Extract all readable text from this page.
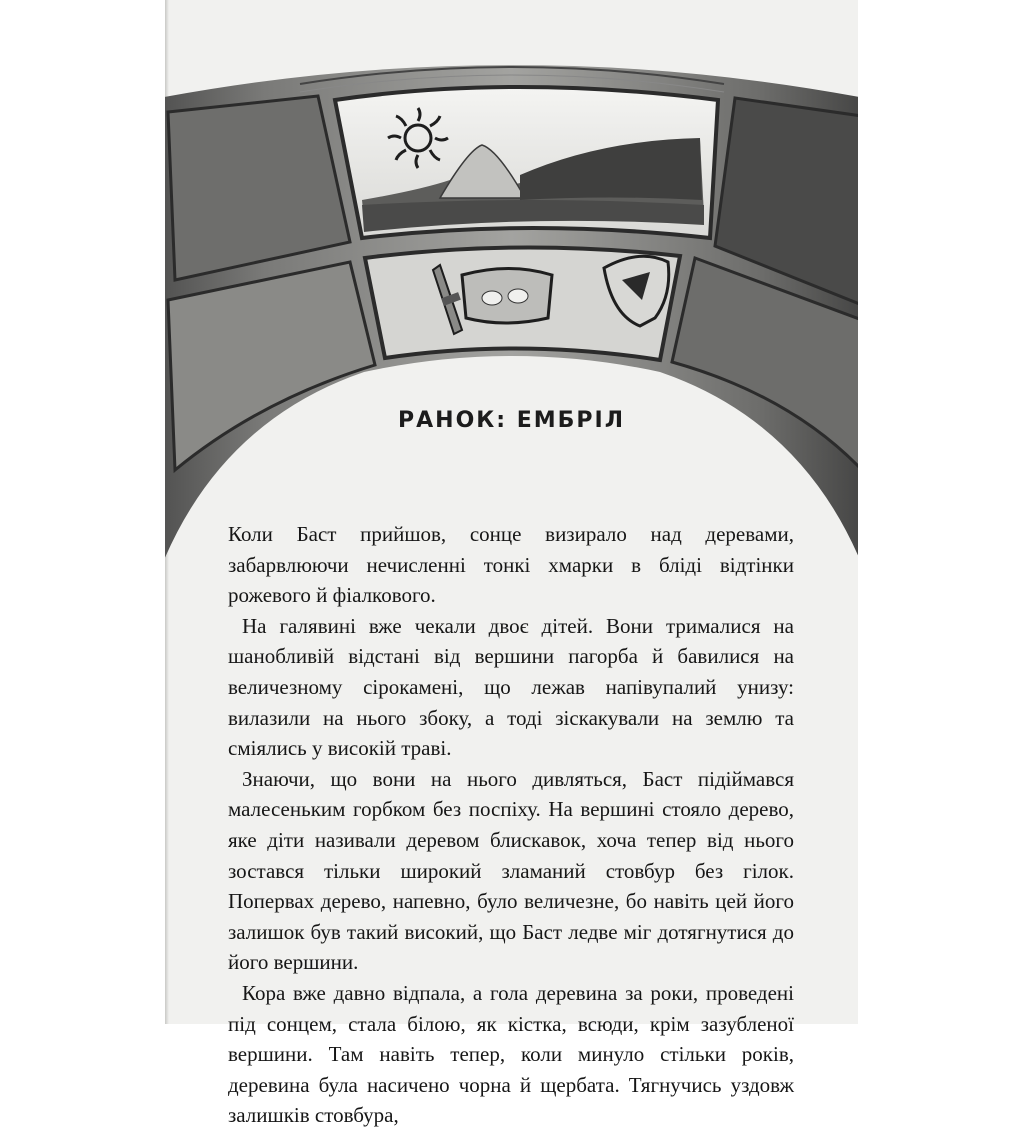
РАНОК: ЕМБРІЛ

Коли Баст прийшов, сонце визирало над деревами, забарвлюючи нечисленні тонкі хмарки в бліді відтінки рожевого й фіалкового.

На галявині вже чекали двоє дітей. Вони трималися на шанобливій відстані від вершини пагорба й бавилися на величезному сірокамені, що лежав напівупалий унизу: вилазили на нього збоку, а тоді зіскакували на землю та сміялись у високій траві.

Знаючи, що вони на нього дивляться, Баст підіймався малесеньким горбком без поспіху. На вершині стояло дерево, яке діти називали деревом блискавок, хоча тепер від нього зостався тільки широкий зламаний стовбур без гілок. Попервах дерево, напевно, було величезне, бо навіть цей його залишок був такий високий, що Баст ледве міг дотягнутися до його вершини.

Кора вже давно відпала, а гола деревина за роки, проведені під сонцем, стала білою, як кістка, всюди, крім зазубленої вершини. Там навіть тепер, коли минуло стільки років, деревина була насичено чорна й щербата. Тягнучись уздовж залишків стовбура,
